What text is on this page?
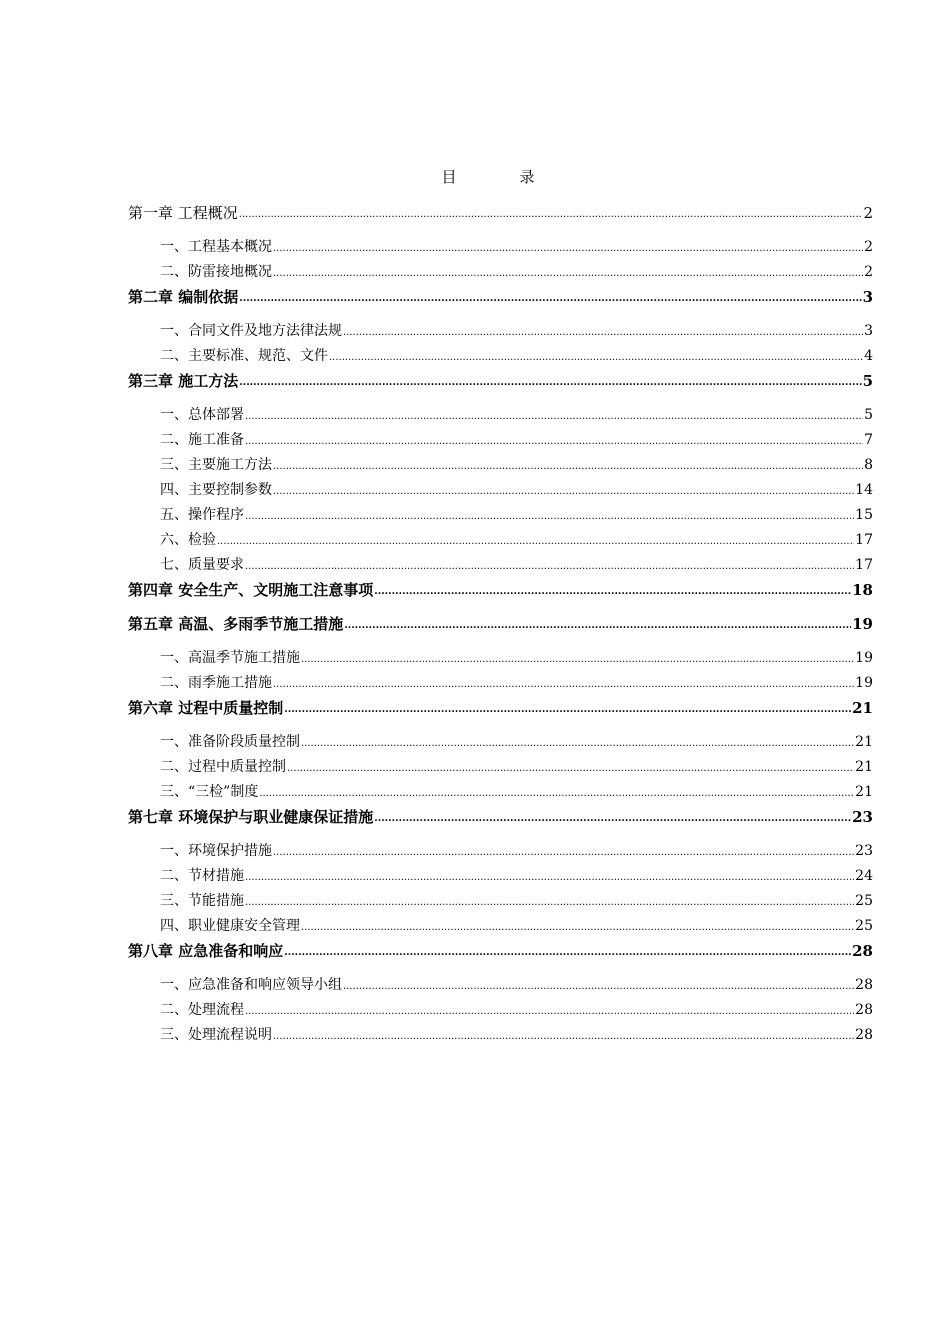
目　录
第一章 工程概况 .....	2
一、工程基本概况 .....	2
二、防雷接地概况 .....	2
第二章 编制依据 .....	3
一、合同文件及地方法律法规 .....	3
二、主要标准、规范、文件 .....	4
第三章 施工方法 .....	5
一、总体部署 .....	5
二、施工准备 .....	7
三、主要施工方法 .....	8
四、主要控制参数 .....	14
五、操作程序 .....	15
六、检验 .....	17
七、质量要求 .....	17
第四章 安全生产、文明施工注意事项 .....	18
第五章 高温、多雨季节施工措施 .....	19
一、高温季节施工措施 .....	19
二、雨季施工措施 .....	19
第六章 过程中质量控制 .....	21
一、准备阶段质量控制 .....	21
二、过程中质量控制 .....	21
三、“三检”制度 .....	21
第七章 环境保护与职业健康保证措施 .....	23
一、环境保护措施 .....	23
二、节材措施 .....	24
三、节能措施 .....	25
四、职业健康安全管理 .....	25
第八章 应急准备和响应 .....	28
一、应急准备和响应领导小组 .....	28
二、处理流程 .....	28
三、处理流程说明 .....	28
